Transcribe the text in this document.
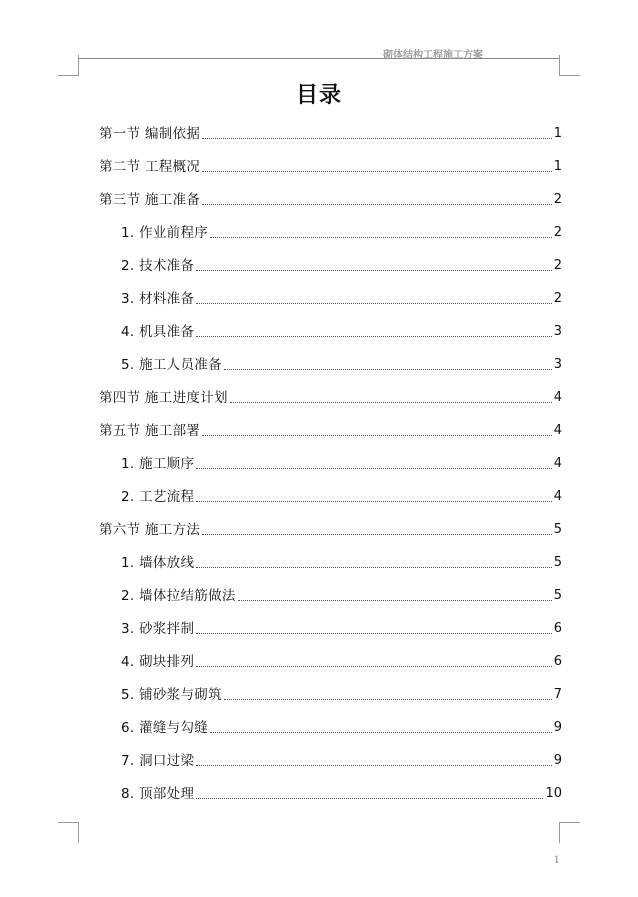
砌体结构工程施工方案
目录
第一节 编制依据	1
第二节 工程概况	1
第三节 施工准备	2
1. 作业前程序	2
2. 技术准备	2
3. 材料准备	2
4. 机具准备	3
5. 施工人员准备	3
第四节 施工进度计划	4
第五节 施工部署	4
1. 施工顺序	4
2. 工艺流程	4
第六节 施工方法	5
1. 墙体放线	5
2. 墙体拉结筋做法	5
3. 砂浆拌制	6
4. 砌块排列	6
5. 铺砂浆与砌筑	7
6. 灌缝与勾缝	9
7. 洞口过梁	9
8. 顶部处理	10
1
